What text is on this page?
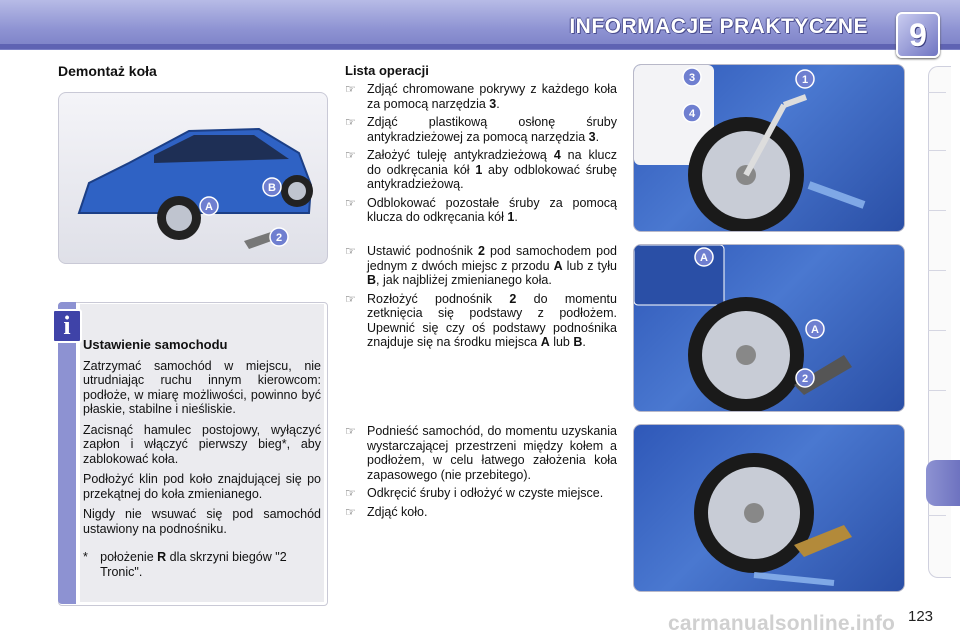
INFORMACJE PRAKTYCZNE	9
Demontaż koła
A
B
2
i
Ustawienie samochodu

Zatrzymać samochód w miejscu, nie utrudniając ruchu innym kierowcom: podłoże, w miarę możliwości, powinno być płaskie, stabilne i nieśliskie.

Zacisnąć hamulec postojowy, wyłączyć zapłon i włączyć pierwszy bieg*, aby zablokować koła.

Podłożyć klin pod koło znajdującej się po przekątnej do koła zmienianego.

Nigdy nie wsuwać się pod samochód ustawiony na podnośniku.

* położenie R dla skrzyni biegów "2 Tronic".
Lista operacji
☞ Zdjąć chromowane pokrywy z każdego koła za pomocą narzędzia 3.
☞ Zdjąć plastikową osłonę śruby antykradzieżowej za pomocą narzędzia 3.
☞ Założyć tuleję antykradzieżową 4 na klucz do odkręcania kół 1 aby odblokować śrubę antykradzieżową.
☞ Odblokować pozostałe śruby za pomocą klucza do odkręcania kół 1.
☞ Ustawić podnośnik 2 pod samochodem pod jednym z dwóch miejsc z przodu A lub z tyłu B, jak najbliżej zmienianego koła.
☞ Rozłożyć podnośnik 2 do momentu zetknięcia się podstawy z podłożem. Upewnić się czy oś podstawy podnośnika znajduje się na środku miejsca A lub B.
☞ Podnieść samochód, do momentu uzyskania wystarczającej przestrzeni między kołem a podłożem, w celu łatwego założenia koła zapasowego (nie przebitego).
☞ Odkręcić śruby i odłożyć w czyste miejsce.
☞ Zdjąć koło.
3
4
1
A
A
2
123
carmanualsonline.info
